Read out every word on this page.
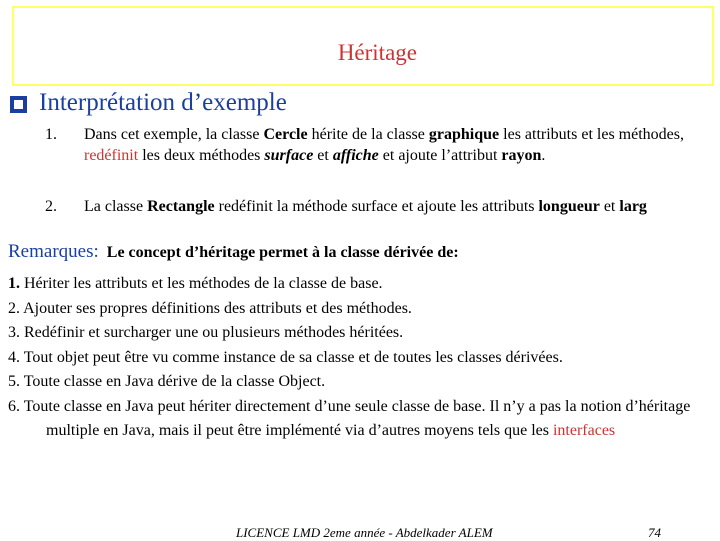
Héritage
Interprétation d’exemple
1.	Dans cet exemple, la classe Cercle hérite de la classe graphique les attributs et les méthodes, redéfinit les deux méthodes surface et affiche et ajoute l’attribut rayon.
2.	La classe Rectangle redéfinit la méthode surface et ajoute les attributs longueur et larg
Remarques: Le concept d’héritage permet à la classe dérivée de:
1. Hériter les attributs et les méthodes de la classe de base.
2. Ajouter ses propres définitions des attributs et des méthodes.
3. Redéfinir et surcharger une ou plusieurs méthodes héritées.
4. Tout objet peut être vu comme instance de sa classe et de toutes les classes dérivées.
5. Toute classe en Java dérive de la classe Object.
6. Toute classe en Java peut hériter directement d’une seule classe de base. Il n’y a pas la notion d’héritage multiple en Java, mais il peut être implémenté via d’autres moyens tels que les interfaces
LICENCE LMD 2eme année - Abdelkader ALEM	74
